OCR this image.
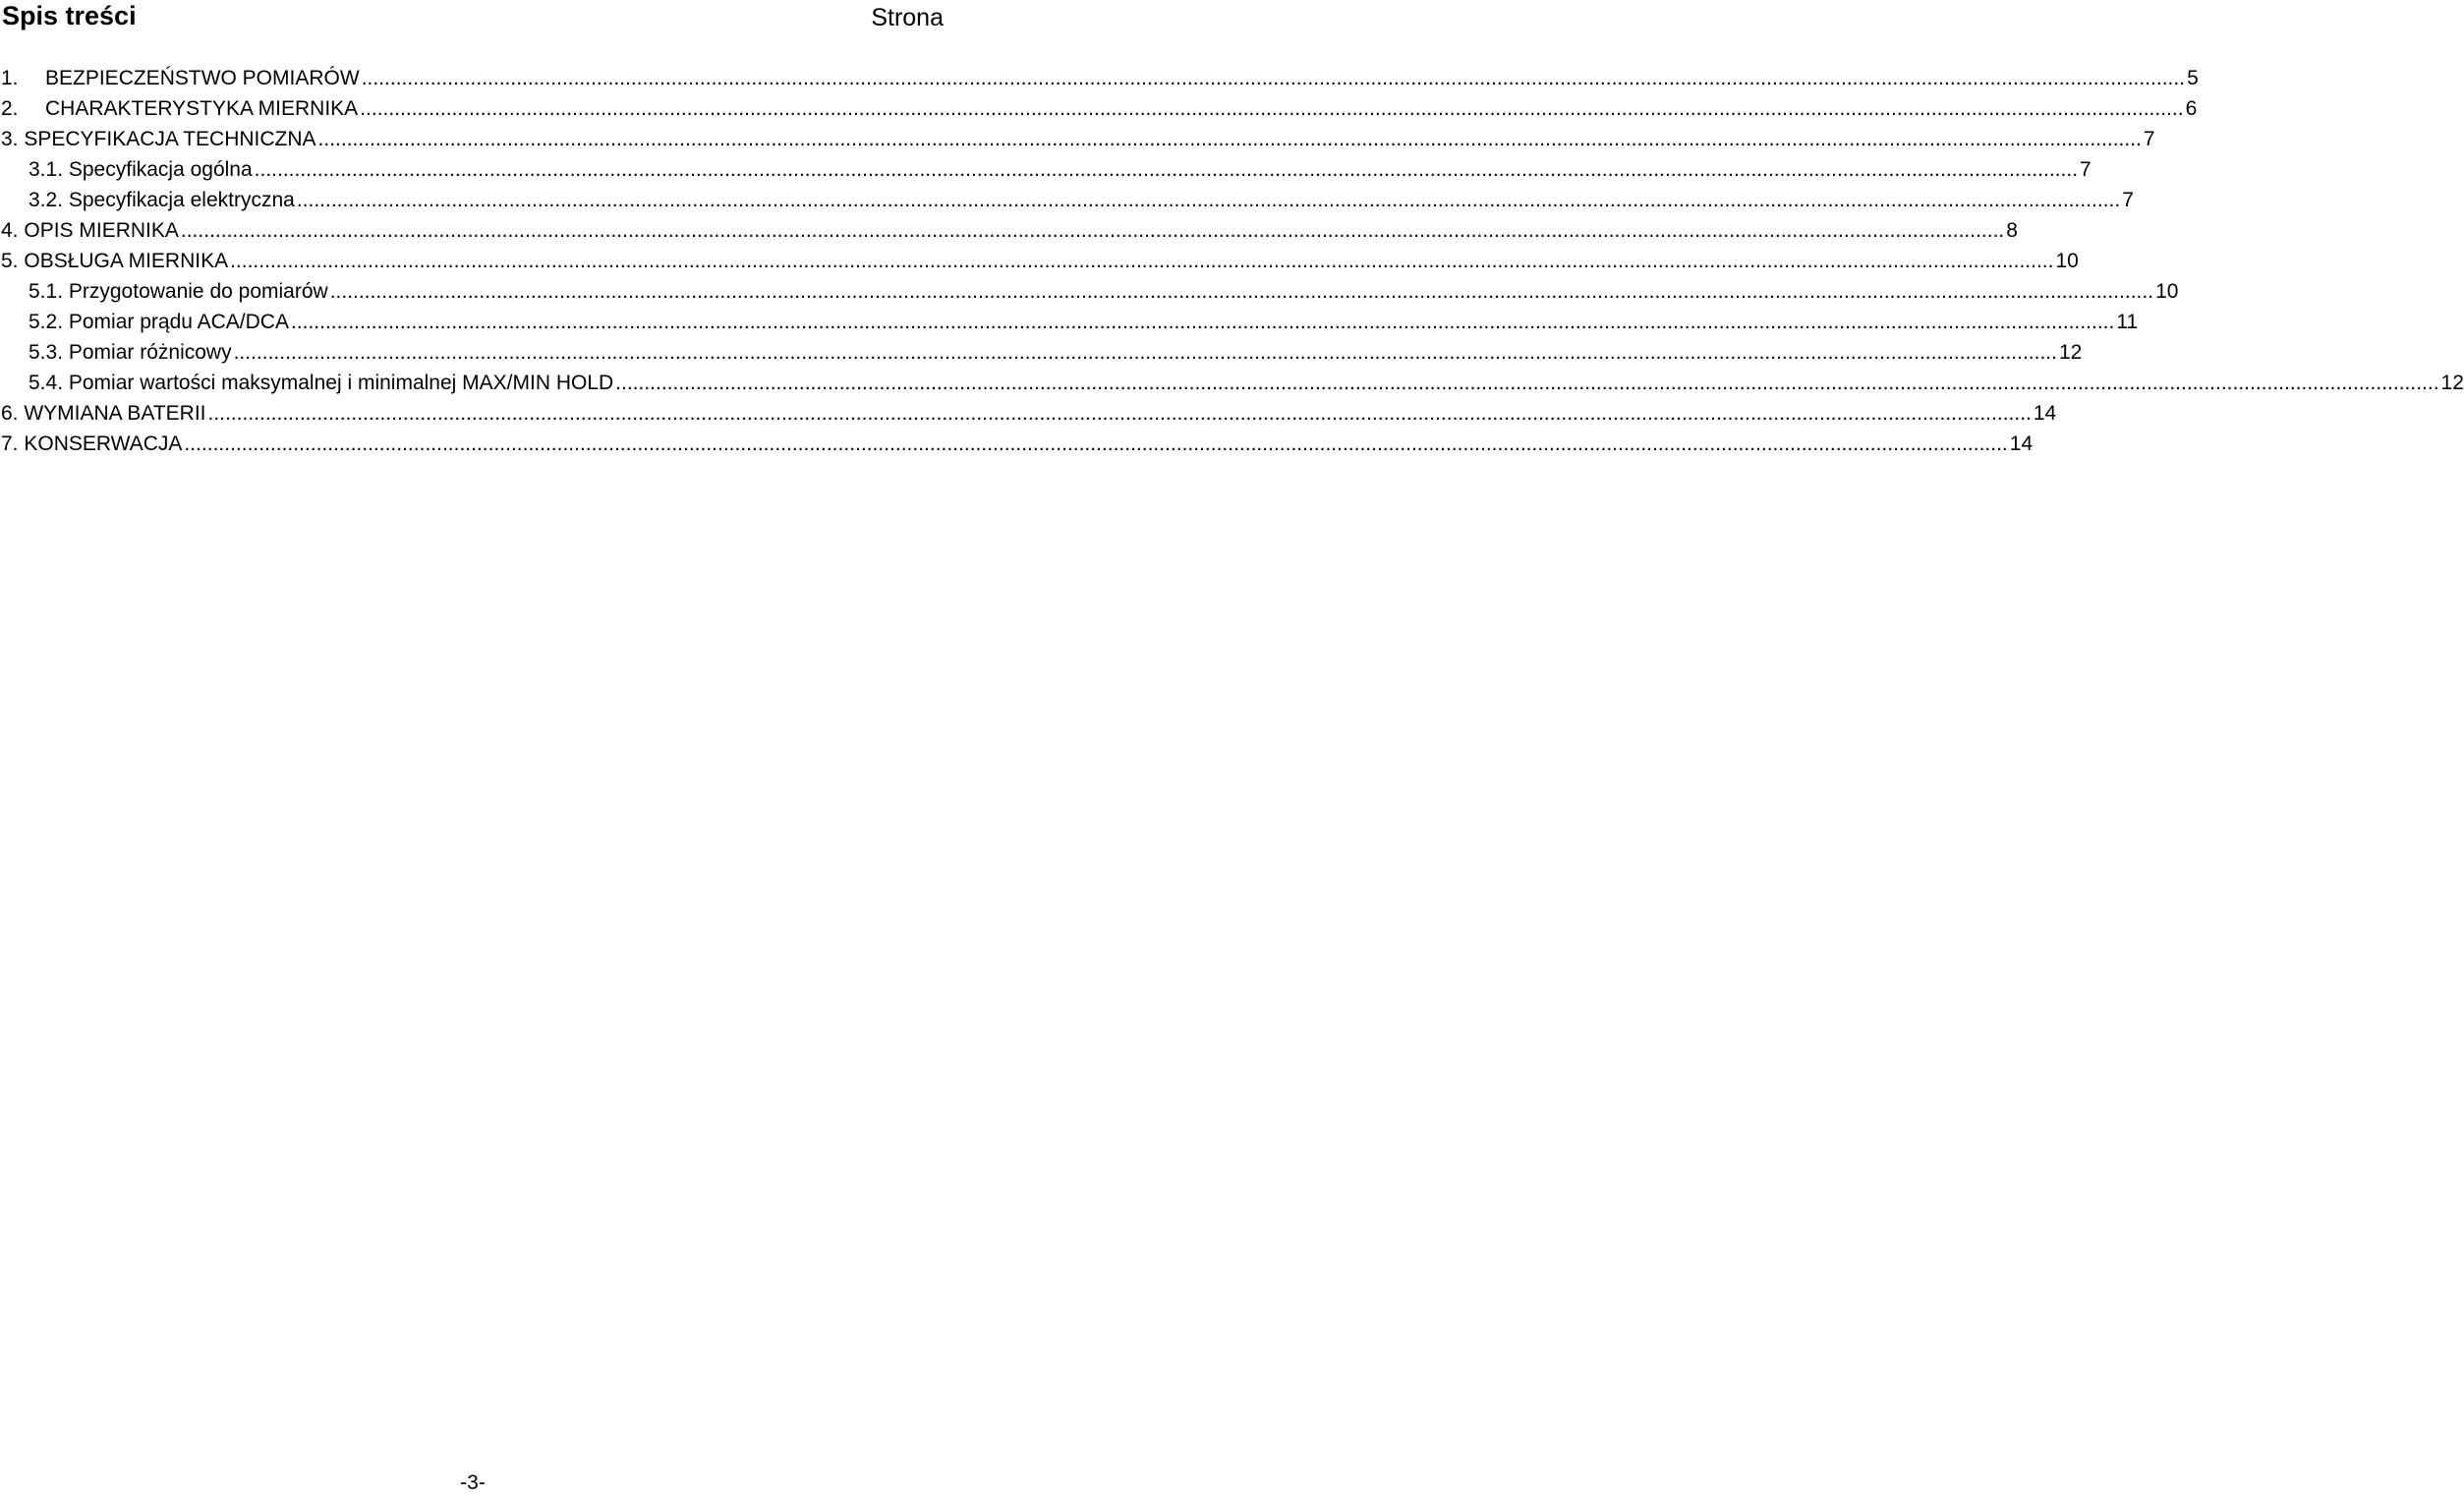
Spis treści	Strona
1. BEZPIECZEŃSTWO POMIARÓW .....	5
2. CHARAKTERYSTYKA MIERNIKA .....	6
3. SPECYFIKACJA TECHNICZNA .....	7
3.1. Specyfikacja ogólna .....	7
3.2. Specyfikacja elektryczna .....	7
4. OPIS MIERNIKA .....	8
5. OBSŁUGA MIERNIKA .....	10
5.1. Przygotowanie do pomiarów .....	10
5.2. Pomiar prądu ACA/DCA .....	11
5.3. Pomiar różnicowy .....	12
5.4. Pomiar wartości maksymalnej i minimalnej MAX/MIN HOLD .....	12
6. WYMIANA BATERII .....	14
7. KONSERWACJA .....	14
-3-
